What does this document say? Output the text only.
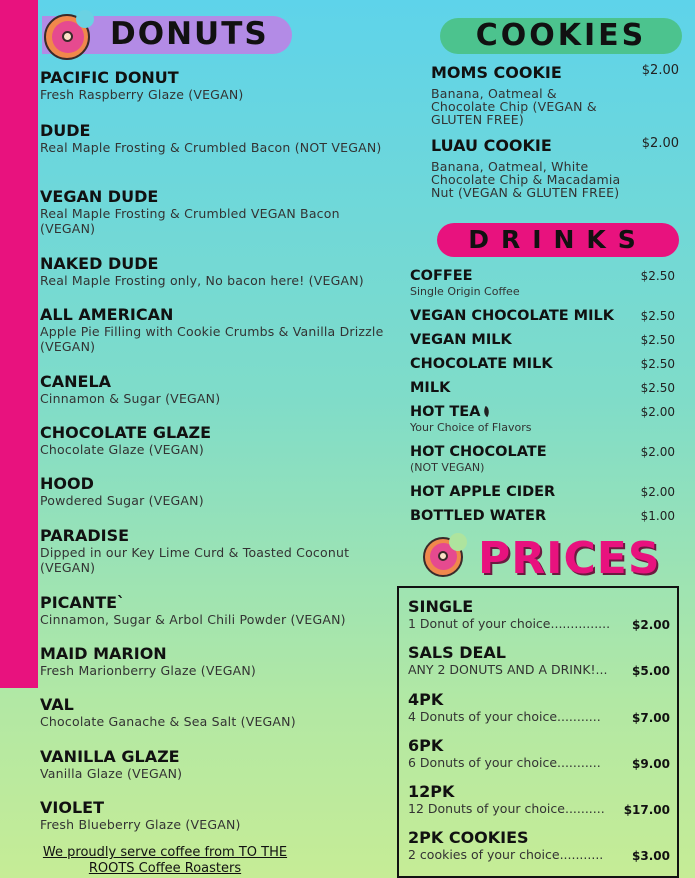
DONUTS
PACIFIC DONUT
Fresh Raspberry Glaze (VEGAN)
DUDE
Real Maple Frosting & Crumbled Bacon (NOT VEGAN)
VEGAN DUDE
Real Maple Frosting & Crumbled VEGAN Bacon (VEGAN)
NAKED DUDE
Real Maple Frosting only, No bacon here! (VEGAN)
ALL AMERICAN
Apple Pie Filling with Cookie Crumbs & Vanilla Drizzle (VEGAN)
CANELA
Cinnamon & Sugar (VEGAN)
CHOCOLATE GLAZE
Chocolate Glaze (VEGAN)
HOOD
Powdered Sugar (VEGAN)
PARADISE
Dipped in our Key Lime Curd & Toasted Coconut (VEGAN)
PICANTE`
Cinnamon, Sugar & Arbol Chili Powder (VEGAN)
MAID MARION
Fresh Marionberry Glaze (VEGAN)
VAL
Chocolate Ganache & Sea Salt (VEGAN)
VANILLA GLAZE
Vanilla Glaze (VEGAN)
VIOLET
Fresh Blueberry Glaze (VEGAN)
COOKIES
MOMS COOKIE	$2.00
Banana, Oatmeal & Chocolate Chip (VEGAN & GLUTEN FREE)
LUAU COOKIE	$2.00
Banana, Oatmeal, White Chocolate Chip & Macadamia Nut (VEGAN & GLUTEN FREE)
DRINKS
COFFEE	$2.50
Single Origin Coffee
VEGAN CHOCOLATE MILK	$2.50
VEGAN MILK	$2.50
CHOCOLATE MILK	$2.50
MILK	$2.50
HOT TEA	$2.00
Your Choice of Flavors
HOT CHOCOLATE	$2.00
(NOT VEGAN)
HOT APPLE CIDER	$2.00
BOTTLED WATER	$1.00
PRICES
SINGLE
1 Donut of your choice...............	$2.00
SALS DEAL
ANY 2 DONUTS AND A DRINK!...	$5.00
4PK
4 Donuts of your choice...........	$7.00
6PK
6 Donuts of your choice...........	$9.00
12PK
12 Donuts of your choice..........	$17.00
2PK COOKIES
2 cookies of your choice...........	$3.00
We proudly serve coffee from TO THE ROOTS Coffee Roasters
